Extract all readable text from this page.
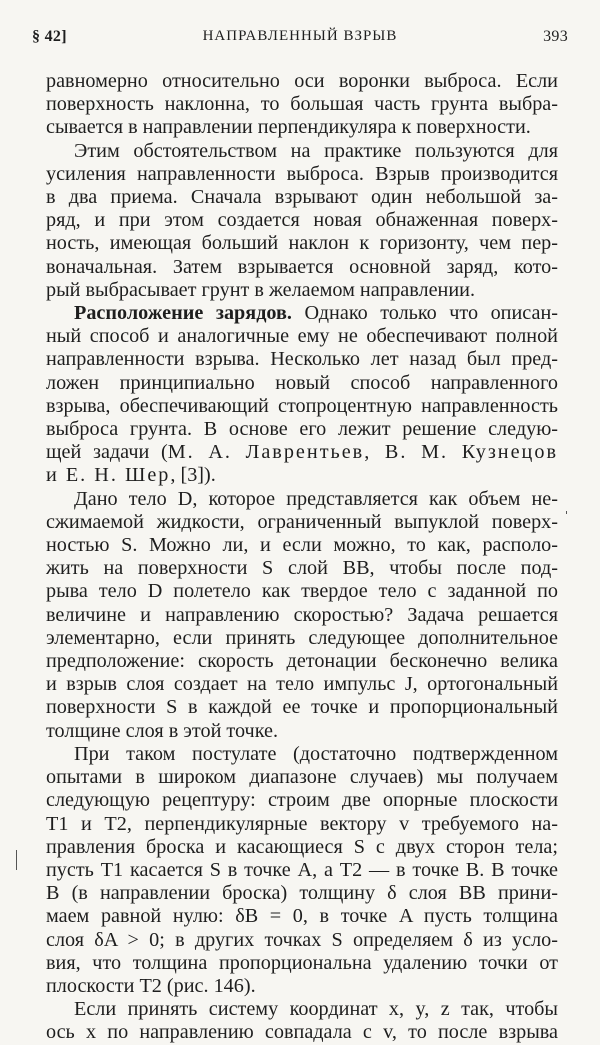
§ 42]	НАПРАВЛЕННЫЙ ВЗРЫВ	393
равномерно относительно оси воронки выброса. Если
поверхность наклонна, то большая часть грунта выбра-
сывается в направлении перпендикуляра к поверхности.
Этим обстоятельством на практике пользуются для
усиления направленности выброса. Взрыв производится
в два приема. Сначала взрывают один небольшой за-
ряд, и при этом создается новая обнаженная поверх-
ность, имеющая больший наклон к горизонту, чем пер-
воначальная. Затем взрывается основной заряд, кото-
рый выбрасывает грунт в желаемом направлении.
Расположение зарядов. Однако только что описан-
ный способ и аналогичные ему не обеспечивают полной
направленности взрыва. Несколько лет назад был пред-
ложен принципиально новый способ направленного
взрыва, обеспечивающий стопроцентную направленность
выброса грунта. В основе его лежит решение следую-
щей задачи (М. А. Лаврентьев, В. М. Кузнецов
и Е. Н. Шер, [3]).
Дано тело D, которое представляется как объем не-
сжимаемой жидкости, ограниченный выпуклой поверх-
ностью S. Можно ли, и если можно, то как, располо-
жить на поверхности S слой ВВ, чтобы после под-
рыва тело D полетело как твердое тело с заданной по
величине и направлению скоростью? Задача решается
элементарно, если принять следующее дополнительное
предположение: скорость детонации бесконечно велика
и взрыв слоя создает на тело импульс J, ортогональный
поверхности S в каждой ее точке и пропорциональный
толщине слоя в этой точке.
При таком постулате (достаточно подтвержденном
опытами в широком диапазоне случаев) мы получаем
следующую рецептуру: строим две опорные плоскости
T1 и T2, перпендикулярные вектору v требуемого на-
правления броска и касающиеся S с двух сторон тела;
пусть T1 касается S в точке A, а T2 — в точке B. В точке
B (в направлении броска) толщину δ слоя ВВ прини-
маем равной нулю: δB = 0, в точке A пусть толщина
слоя δA > 0; в других точках S определяем δ из усло-
вия, что толщина пропорциональна удалению точки от
плоскости T2 (рис. 146).
Если принять систему координат x, y, z так, чтобы
ось x по направлению совпадала с v, то после взрыва
